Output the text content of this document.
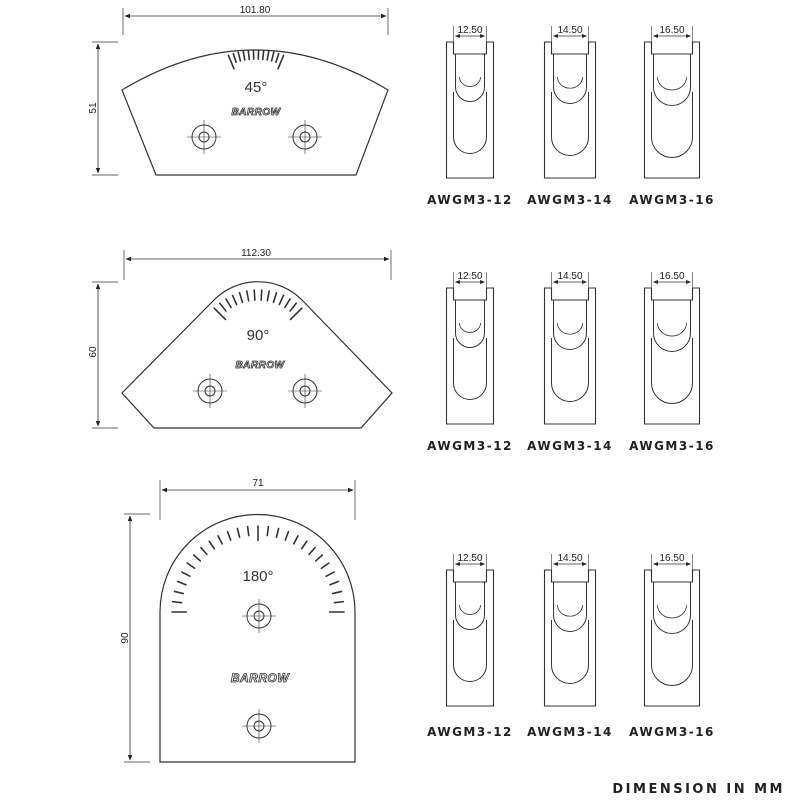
101.80
51
45°
BARROW
112.30
60
90°
BARROW
71
90
180°
BARROW
12.50
AWGM3-12
14.50
AWGM3-14
16.50
AWGM3-16
12.50
AWGM3-12
14.50
AWGM3-14
16.50
AWGM3-16
12.50
AWGM3-12
14.50
AWGM3-14
16.50
AWGM3-16
DIMENSION IN MM
